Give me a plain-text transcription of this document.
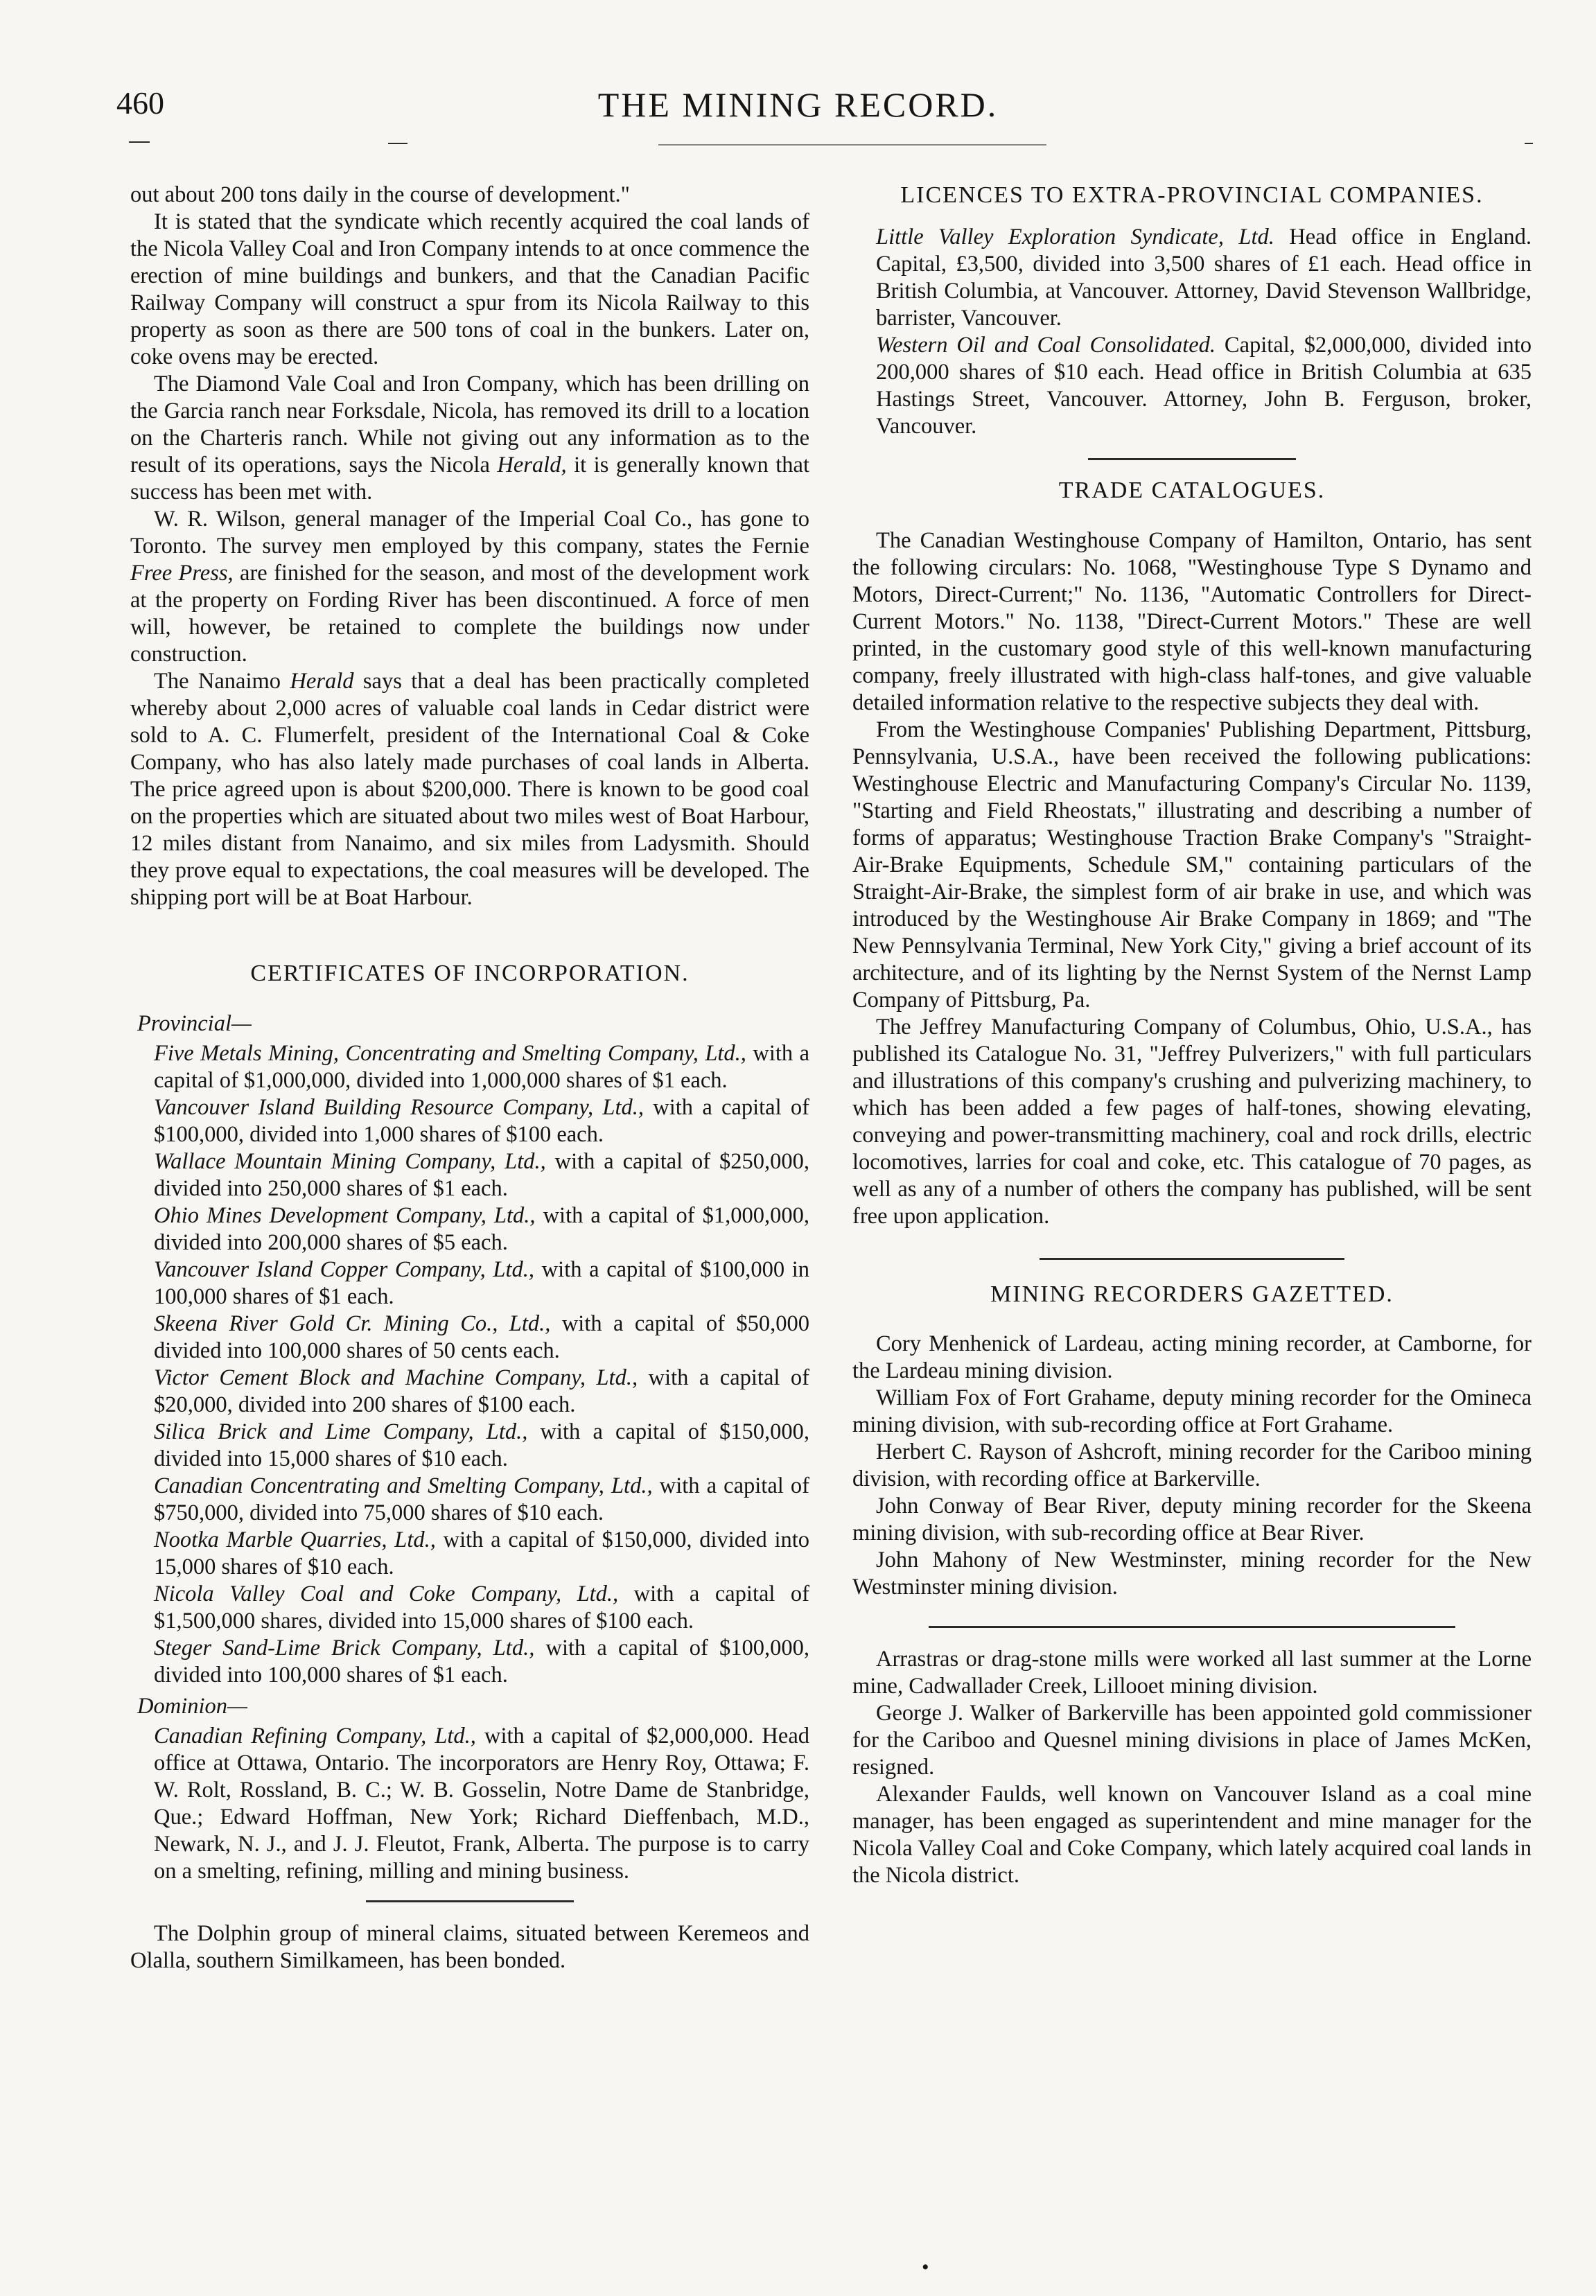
460	THE MINING RECORD.

out about 200 tons daily in the course of development."

It is stated that the syndicate which recently acquired the coal lands of the Nicola Valley Coal and Iron Company intends to at once commence the erection of mine buildings and bunkers, and that the Canadian Pacific Railway Company will construct a spur from its Nicola Railway to this property as soon as there are 500 tons of coal in the bunkers. Later on, coke ovens may be erected.

The Diamond Vale Coal and Iron Company, which has been drilling on the Garcia ranch near Forksdale, Nicola, has removed its drill to a location on the Charteris ranch. While not giving out any information as to the result of its operations, says the Nicola Herald, it is generally known that success has been met with.

W. R. Wilson, general manager of the Imperial Coal Co., has gone to Toronto. The survey men employed by this company, states the Fernie Free Press, are finished for the season, and most of the development work at the property on Fording River has been discontinued. A force of men will, however, be retained to complete the buildings now under construction.

The Nanaimo Herald says that a deal has been practically completed whereby about 2,000 acres of valuable coal lands in Cedar district were sold to A. C. Flumerfelt, president of the International Coal & Coke Company, who has also lately made purchases of coal lands in Alberta. The price agreed upon is about $200,000. There is known to be good coal on the properties which are situated about two miles west of Boat Harbour, 12 miles distant from Nanaimo, and six miles from Ladysmith. Should they prove equal to expectations, the coal measures will be developed. The shipping port will be at Boat Harbour.

CERTIFICATES OF INCORPORATION.
Provincial—

Five Metals Mining, Concentrating and Smelting Company, Ltd., with a capital of $1,000,000, divided into 1,000,000 shares of $1 each.

Vancouver Island Building Resource Company, Ltd., with a capital of $100,000, divided into 1,000 shares of $100 each.

Wallace Mountain Mining Company, Ltd., with a capital of $250,000, divided into 250,000 shares of $1 each.

Ohio Mines Development Company, Ltd., with a capital of $1,000,000, divided into 200,000 shares of $5 each.

Vancouver Island Copper Company, Ltd., with a capital of $100,000 in 100,000 shares of $1 each.

Skeena River Gold Cr. Mining Co., Ltd., with a capital of $50,000 divided into 100,000 shares of 50 cents each.

Victor Cement Block and Machine Company, Ltd., with a capital of $20,000, divided into 200 shares of $100 each.

Silica Brick and Lime Company, Ltd., with a capital of $150,000, divided into 15,000 shares of $10 each.

Canadian Concentrating and Smelting Company, Ltd., with a capital of $750,000, divided into 75,000 shares of $10 each.

Nootka Marble Quarries, Ltd., with a capital of $150,000, divided into 15,000 shares of $10 each.

Nicola Valley Coal and Coke Company, Ltd., with a capital of $1,500,000 shares, divided into 15,000 shares of $100 each.

Steger Sand-Lime Brick Company, Ltd., with a capital of $100,000, divided into 100,000 shares of $1 each.

Dominion—

Canadian Refining Company, Ltd., with a capital of $2,000,000. Head office at Ottawa, Ontario. The incorporators are Henry Roy, Ottawa; F. W. Rolt, Rossland, B. C.; W. B. Gosselin, Notre Dame de Stanbridge, Que.; Edward Hoffman, New York; Richard Dieffenbach, M.D., Newark, N. J., and J. J. Fleutot, Frank, Alberta. The purpose is to carry on a smelting, refining, milling and mining business.

The Dolphin group of mineral claims, situated between Keremeos and Olalla, southern Similkameen, has been bonded.

LICENCES TO EXTRA-PROVINCIAL COMPANIES.

Little Valley Exploration Syndicate, Ltd. Head office in England. Capital, £3,500, divided into 3,500 shares of £1 each. Head office in British Columbia, at Vancouver. Attorney, David Stevenson Wallbridge, barrister, Vancouver.

Western Oil and Coal Consolidated. Capital, $2,000,000, divided into 200,000 shares of $10 each. Head office in British Columbia at 635 Hastings Street, Vancouver. Attorney, John B. Ferguson, broker, Vancouver.

TRADE CATALOGUES.

The Canadian Westinghouse Company of Hamilton, Ontario, has sent the following circulars: No. 1068, "Westinghouse Type S Dynamo and Motors, Direct-Current;" No. 1136, "Automatic Controllers for Direct-Current Motors." No. 1138, "Direct-Current Motors." These are well printed, in the customary good style of this well-known manufacturing company, freely illustrated with high-class half-tones, and give valuable detailed information relative to the respective subjects they deal with.

From the Westinghouse Companies' Publishing Department, Pittsburg, Pennsylvania, U.S.A., have been received the following publications: Westinghouse Electric and Manufacturing Company's Circular No. 1139, "Starting and Field Rheostats," illustrating and describing a number of forms of apparatus; Westinghouse Traction Brake Company's "Straight-Air-Brake Equipments, Schedule SM," containing particulars of the Straight-Air-Brake, the simplest form of air brake in use, and which was introduced by the Westinghouse Air Brake Company in 1869; and "The New Pennsylvania Terminal, New York City," giving a brief account of its architecture, and of its lighting by the Nernst System of the Nernst Lamp Company of Pittsburg, Pa.

The Jeffrey Manufacturing Company of Columbus, Ohio, U.S.A., has published its Catalogue No. 31, "Jeffrey Pulverizers," with full particulars and illustrations of this company's crushing and pulverizing machinery, to which has been added a few pages of half-tones, showing elevating, conveying and power-transmitting machinery, coal and rock drills, electric locomotives, larries for coal and coke, etc. This catalogue of 70 pages, as well as any of a number of others the company has published, will be sent free upon application.

MINING RECORDERS GAZETTED.

Cory Menhenick of Lardeau, acting mining recorder, at Camborne, for the Lardeau mining division.

William Fox of Fort Grahame, deputy mining recorder for the Omineca mining division, with sub-recording office at Fort Grahame.

Herbert C. Rayson of Ashcroft, mining recorder for the Cariboo mining division, with recording office at Barkerville.

John Conway of Bear River, deputy mining recorder for the Skeena mining division, with sub-recording office at Bear River.

John Mahony of New Westminster, mining recorder for the New Westminster mining division.

Arrastras or drag-stone mills were worked all last summer at the Lorne mine, Cadwallader Creek, Lillooet mining division.

George J. Walker of Barkerville has been appointed gold commissioner for the Cariboo and Quesnel mining divisions in place of James McKen, resigned.

Alexander Faulds, well known on Vancouver Island as a coal mine manager, has been engaged as superintendent and mine manager for the Nicola Valley Coal and Coke Company, which lately acquired coal lands in the Nicola district.

•
